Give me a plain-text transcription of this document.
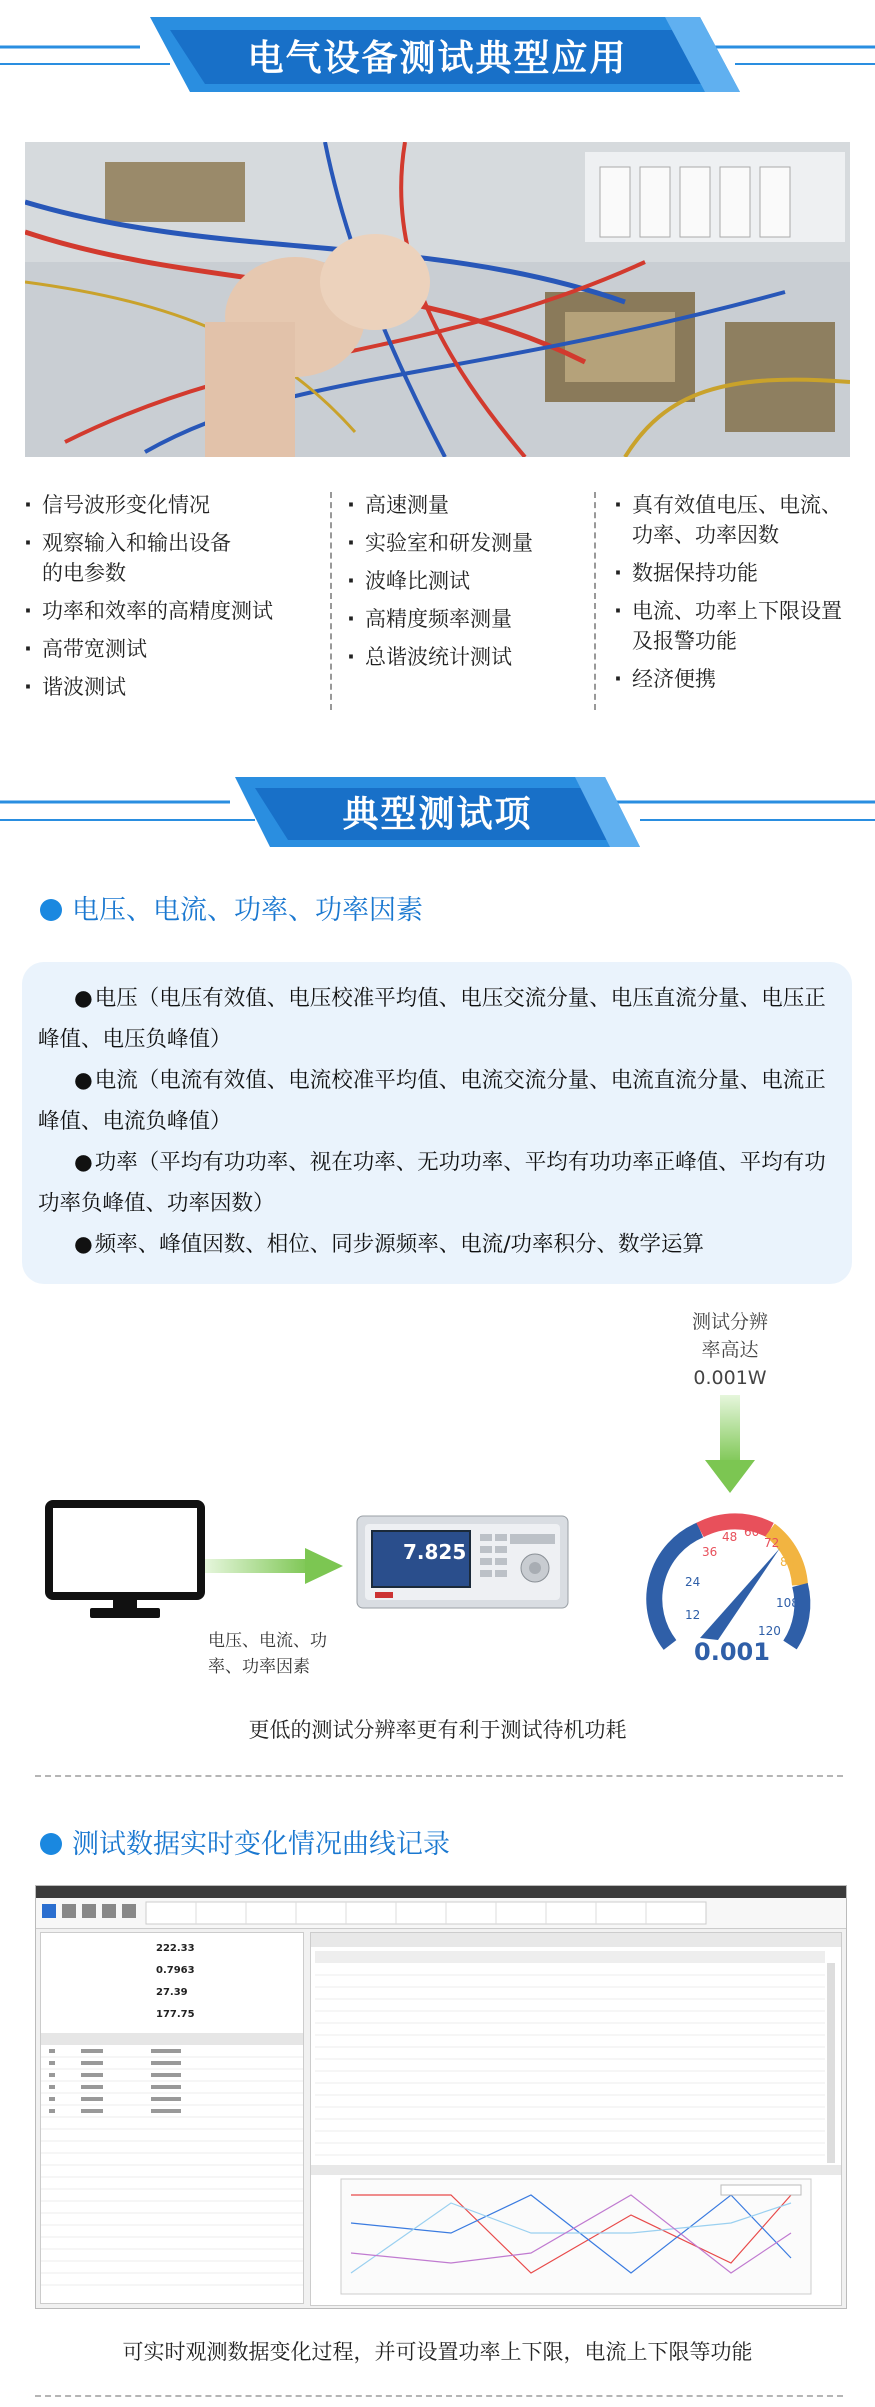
电气设备测试典型应用
· 信号波形变化情况
· 观察输入和输出设备
的电参数
· 功率和效率的高精度测试
· 高带宽测试
· 谐波测试
· 高速测量
· 实验室和研发测量
· 波峰比测试
· 高精度频率测量
· 总谐波统计测试
· 真有效值电压、电流、
功率、功率因数
· 数据保持功能
· 电流、功率上下限设置
及报警功能
· 经济便携
典型测试项
电压、电流、功率、功率因素

● 电压（电压有效值、电压校准平均值、电压交流分量、电压直流分量、电压正峰值、电压负峰值）

● 电流（电流有效值、电流校准平均值、电流交流分量、电流直流分量、电流正峰值、电流负峰值）

● 功率（平均有功功率、视在功率、无功功率、平均有功功率正峰值、平均有功功率负峰值、功率因数）

● 频率、峰值因数、相位、同步源频率、电流/功率积分、数学运算

测试分辨
率高达
0.001W
电压、电流、功
率、功率因素
7.825
12
24
36
48 60
72
84
108
120
0.001
更低的测试分辨率更有利于测试待机功耗
测试数据实时变化情况曲线记录
222.33
0.7963
27.39
177.75
可实时观测数据变化过程，并可设置功率上下限，电流上下限等功能
